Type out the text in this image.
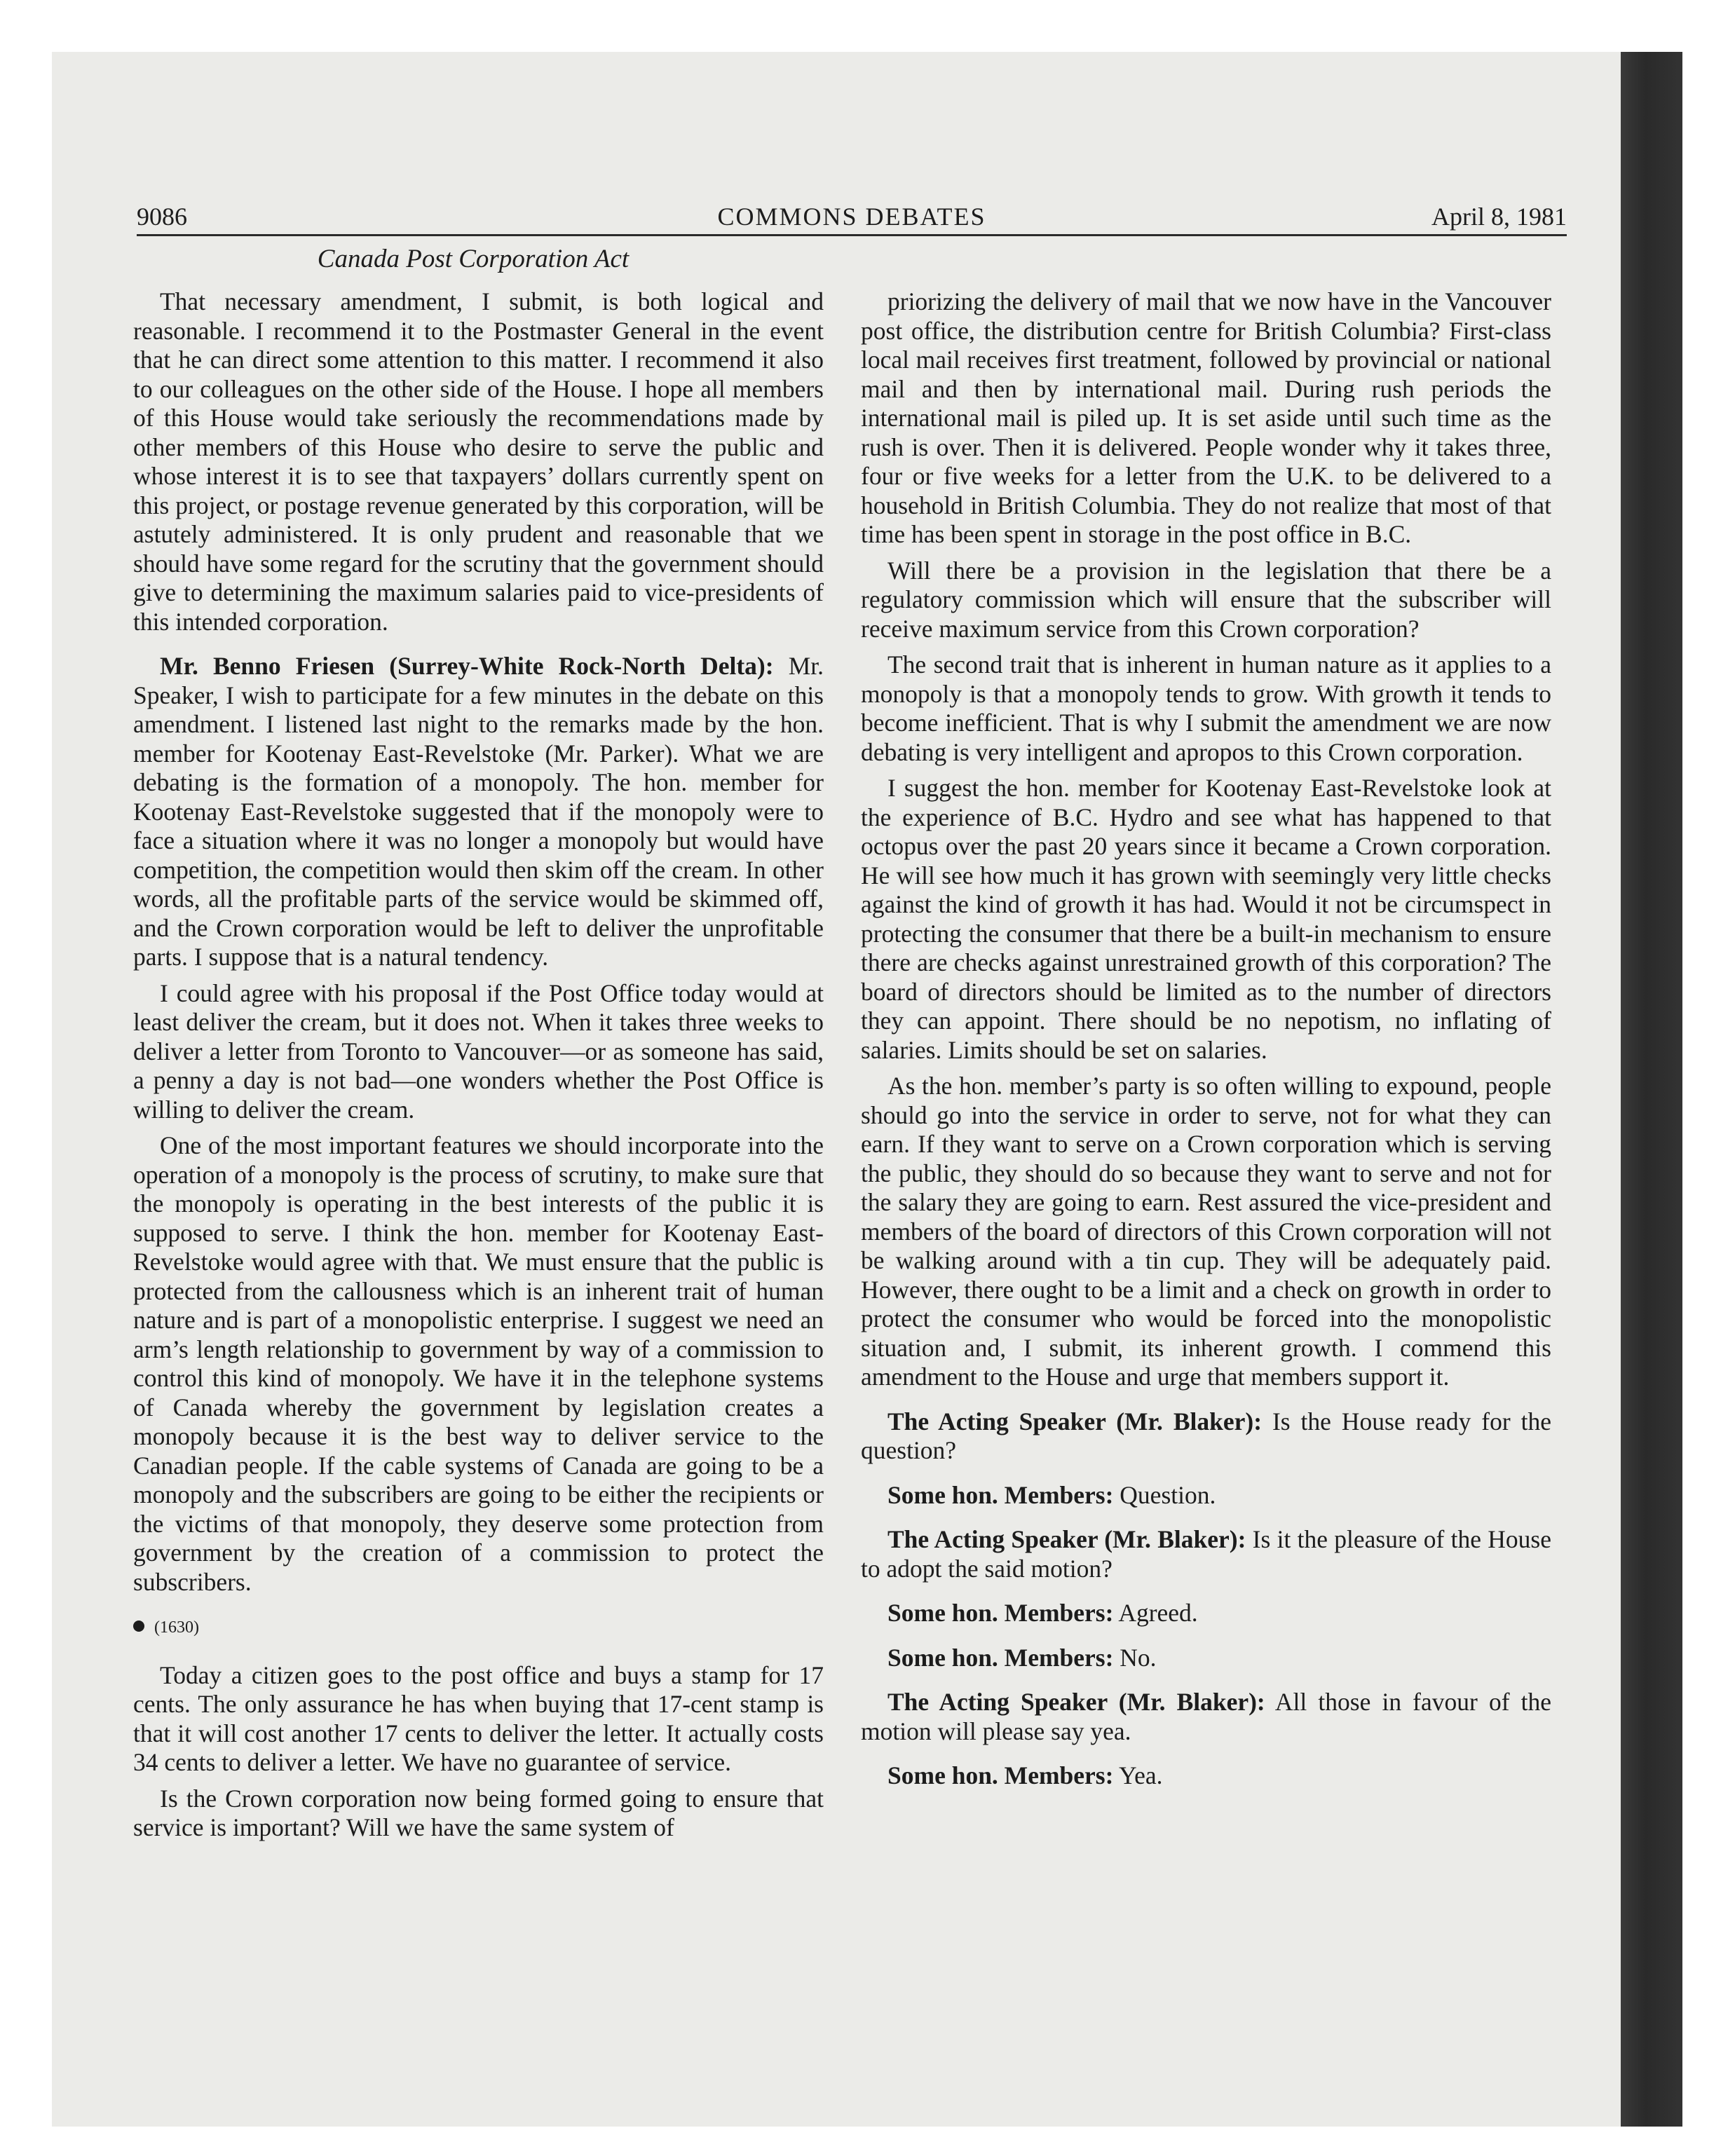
9086	COMMONS DEBATES	April 8, 1981
Canada Post Corporation Act

That necessary amendment, I submit, is both logical and reasonable. I recommend it to the Postmaster General in the event that he can direct some attention to this matter. I recommend it also to our colleagues on the other side of the House. I hope all members of this House would take seriously the recommendations made by other members of this House who desire to serve the public and whose interest it is to see that taxpayers’ dollars currently spent on this project, or postage revenue generated by this corporation, will be astutely administered. It is only prudent and reasonable that we should have some regard for the scrutiny that the government should give to determining the maximum salaries paid to vice-presidents of this intended corporation.

Mr. Benno Friesen (Surrey-White Rock-North Delta): Mr. Speaker, I wish to participate for a few minutes in the debate on this amendment. I listened last night to the remarks made by the hon. member for Kootenay East-Revelstoke (Mr. Parker). What we are debating is the formation of a monopoly. The hon. member for Kootenay East-Revelstoke suggested that if the monopoly were to face a situation where it was no longer a monopoly but would have competition, the competition would then skim off the cream. In other words, all the profitable parts of the service would be skimmed off, and the Crown corporation would be left to deliver the unprofitable parts. I suppose that is a natural tendency.

I could agree with his proposal if the Post Office today would at least deliver the cream, but it does not. When it takes three weeks to deliver a letter from Toronto to Vancouver—or as someone has said, a penny a day is not bad—one wonders whether the Post Office is willing to deliver the cream.

One of the most important features we should incorporate into the operation of a monopoly is the process of scrutiny, to make sure that the monopoly is operating in the best interests of the public it is supposed to serve. I think the hon. member for Kootenay East-Revelstoke would agree with that. We must ensure that the public is protected from the callousness which is an inherent trait of human nature and is part of a monopolistic enterprise. I suggest we need an arm’s length relationship to government by way of a commission to control this kind of monopoly. We have it in the telephone systems of Canada whereby the government by legislation creates a monopoly because it is the best way to deliver service to the Canadian people. If the cable systems of Canada are going to be a monopoly and the subscribers are going to be either the recipients or the victims of that monopoly, they deserve some protection from government by the creation of a commission to protect the subscribers.

(1630)

Today a citizen goes to the post office and buys a stamp for 17 cents. The only assurance he has when buying that 17-cent stamp is that it will cost another 17 cents to deliver the letter. It actually costs 34 cents to deliver a letter. We have no guarantee of service.

Is the Crown corporation now being formed going to ensure that service is important? Will we have the same system of

priorizing the delivery of mail that we now have in the Vancouver post office, the distribution centre for British Columbia? First-class local mail receives first treatment, followed by provincial or national mail and then by international mail. During rush periods the international mail is piled up. It is set aside until such time as the rush is over. Then it is delivered. People wonder why it takes three, four or five weeks for a letter from the U.K. to be delivered to a household in British Columbia. They do not realize that most of that time has been spent in storage in the post office in B.C.

Will there be a provision in the legislation that there be a regulatory commission which will ensure that the subscriber will receive maximum service from this Crown corporation?

The second trait that is inherent in human nature as it applies to a monopoly is that a monopoly tends to grow. With growth it tends to become inefficient. That is why I submit the amendment we are now debating is very intelligent and apropos to this Crown corporation.

I suggest the hon. member for Kootenay East-Revelstoke look at the experience of B.C. Hydro and see what has happened to that octopus over the past 20 years since it became a Crown corporation. He will see how much it has grown with seemingly very little checks against the kind of growth it has had. Would it not be circumspect in protecting the consumer that there be a built-in mechanism to ensure there are checks against unrestrained growth of this corporation? The board of directors should be limited as to the number of directors they can appoint. There should be no nepotism, no inflating of salaries. Limits should be set on salaries.

As the hon. member’s party is so often willing to expound, people should go into the service in order to serve, not for what they can earn. If they want to serve on a Crown corporation which is serving the public, they should do so because they want to serve and not for the salary they are going to earn. Rest assured the vice-president and members of the board of directors of this Crown corporation will not be walking around with a tin cup. They will be adequately paid. However, there ought to be a limit and a check on growth in order to protect the consumer who would be forced into the monopolistic situation and, I submit, its inherent growth. I commend this amendment to the House and urge that members support it.

The Acting Speaker (Mr. Blaker): Is the House ready for the question?

Some hon. Members: Question.

The Acting Speaker (Mr. Blaker): Is it the pleasure of the House to adopt the said motion?

Some hon. Members: Agreed.

Some hon. Members: No.

The Acting Speaker (Mr. Blaker): All those in favour of the motion will please say yea.

Some hon. Members: Yea.
